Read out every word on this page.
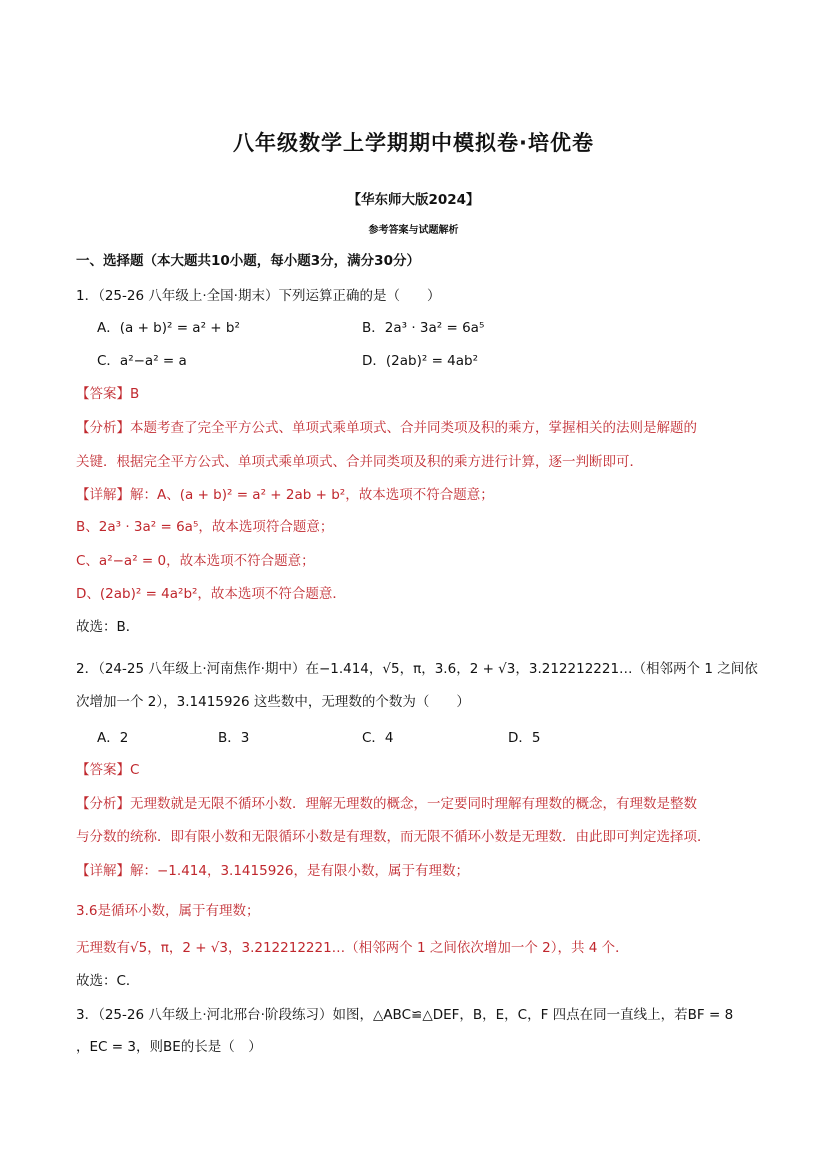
八年级数学上学期期中模拟卷·培优卷
【华东师大版2024】
参考答案与试题解析
一、选择题（本大题共10小题，每小题3分，满分30分）
1．（25-26 八年级上·全国·期末）下列运算正确的是（　　）
A．(a + b)² = a² + b²	B．2a³ · 3a² = 6a⁵
C．a²−a² = a	D．(2ab)² = 4ab²
【答案】B
【分析】本题考查了完全平方公式、单项式乘单项式、合并同类项及积的乘方，掌握相关的法则是解题的
关键．根据完全平方公式、单项式乘单项式、合并同类项及积的乘方进行计算，逐一判断即可．
【详解】解：A、(a + b)² = a² + 2ab + b²，故本选项不符合题意；
B、2a³ · 3a² = 6a⁵，故本选项符合题意；
C、a²−a² = 0，故本选项不符合题意；
D、(2ab)² = 4a²b²，故本选项不符合题意．
故选：B．
2．（24-25 八年级上·河南焦作·期中）在−1.414，√5，π，3.6，2 + √3，3.212212221…（相邻两个 1 之间依
次增加一个 2），3.1415926 这些数中，无理数的个数为（　　）
A．2	B．3	C．4	D．5
【答案】C
【分析】无理数就是无限不循环小数．理解无理数的概念，一定要同时理解有理数的概念，有理数是整数
与分数的统称．即有限小数和无限循环小数是有理数，而无限不循环小数是无理数．由此即可判定选择项．
【详解】解：−1.414，3.1415926，是有限小数，属于有理数；
3.6是循环小数，属于有理数；
无理数有√5，π，2 + √3，3.212212221…（相邻两个 1 之间依次增加一个 2），共 4 个．
故选：C．
3．（25-26 八年级上·河北邢台·阶段练习）如图，△ABC≌△DEF，B，E，C，F 四点在同一直线上，若BF = 8
，EC = 3，则BE的长是（　）
